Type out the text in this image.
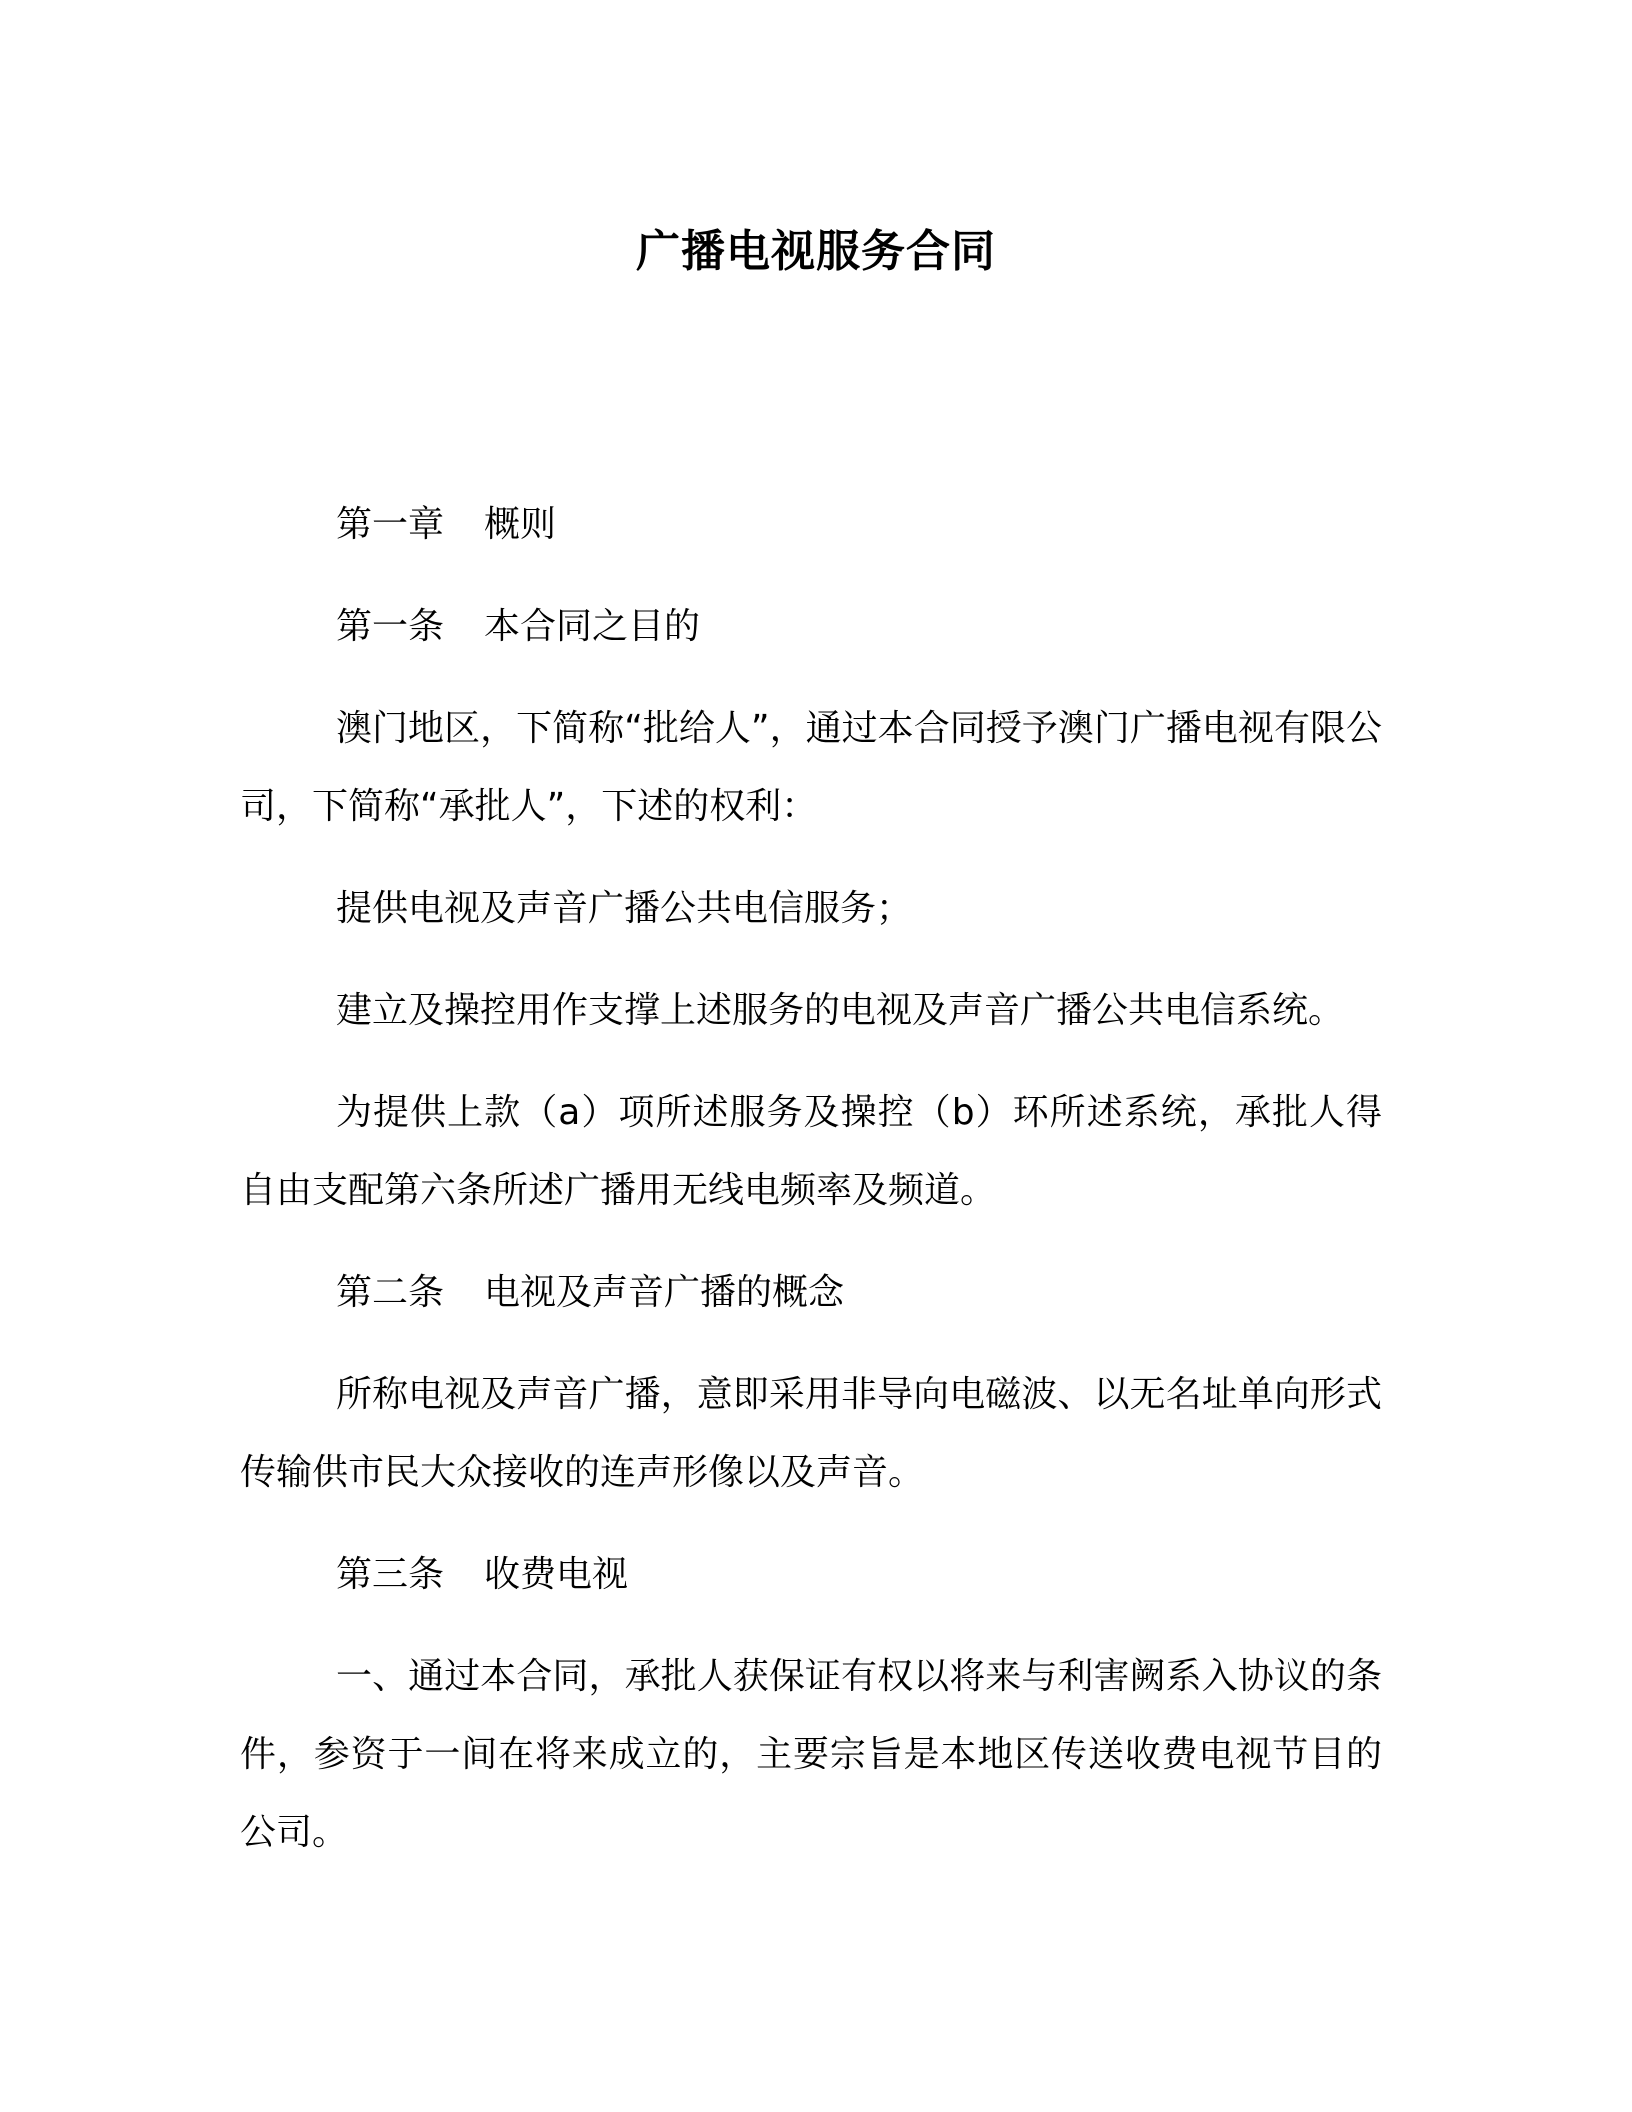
广播电视服务合同
第一章 概则
第一条 本合同之目的

澳门地区，下简称“批给人”，通过本合同授予澳门广播电视有限公司，下简称“承批人”，下述的权利：

提供电视及声音广播公共电信服务；

建立及操控用作支撑上述服务的电视及声音广播公共电信系统。

为提供上款（a）项所述服务及操控（b）环所述系统，承批人得自由支配第六条所述广播用无线电频率及频道。

第二条 电视及声音广播的概念

所称电视及声音广播，意即采用非导向电磁波、以无名址单向形式传输供市民大众接收的连声形像以及声音。

第三条 收费电视

一、通过本合同，承批人获保证有权以将来与利害阙系入协议的条件，参资于一间在将来成立的，主要宗旨是本地区传送收费电视节目的公司。
